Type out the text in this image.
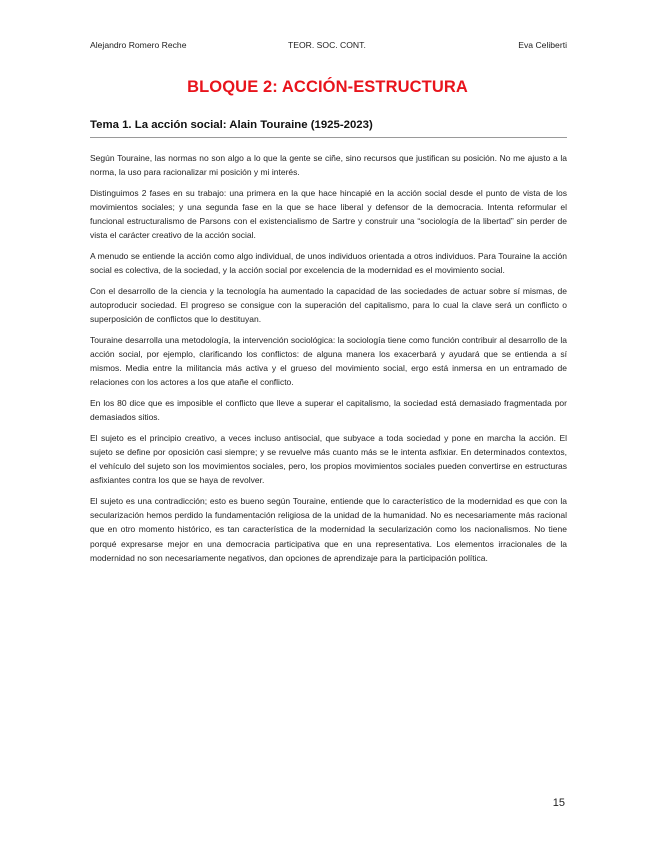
Alejandro Romero Reche	TEOR. SOC. CONT.	Eva Celiberti
BLOQUE 2: ACCIÓN-ESTRUCTURA
Tema 1. La acción social: Alain Touraine (1925-2023)

Según Touraine, las normas no son algo a lo que la gente se ciñe, sino recursos que justifican su posición. No me ajusto a la norma, la uso para racionalizar mi posición y mi interés.

Distinguimos 2 fases en su trabajo: una primera en la que hace hincapié en la acción social desde el punto de vista de los movimientos sociales; y una segunda fase en la que se hace liberal y defensor de la democracia. Intenta reformular el funcional estructuralismo de Parsons con el existencialismo de Sartre y construir una “sociología de la libertad” sin perder de vista el carácter creativo de la acción social.

A menudo se entiende la acción como algo individual, de unos individuos orientada a otros individuos. Para Touraine la acción social es colectiva, de la sociedad, y la acción social por excelencia de la modernidad es el movimiento social.

Con el desarrollo de la ciencia y la tecnología ha aumentado la capacidad de las sociedades de actuar sobre sí mismas, de autoproducir sociedad. El progreso se consigue con la superación del capitalismo, para lo cual la clave será un conflicto o superposición de conflictos que lo destituyan.

Touraine desarrolla una metodología, la intervención sociológica: la sociología tiene como función contribuir al desarrollo de la acción social, por ejemplo, clarificando los conflictos: de alguna manera los exacerbará y ayudará que se entienda a sí mismos. Media entre la militancia más activa y el grueso del movimiento social, ergo está inmersa en un entramado de relaciones con los actores a los que atañe el conflicto.

En los 80 dice que es imposible el conflicto que lleve a superar el capitalismo, la sociedad está demasiado fragmentada por demasiados sitios.

El sujeto es el principio creativo, a veces incluso antisocial, que subyace a toda sociedad y pone en marcha la acción. El sujeto se define por oposición casi siempre; y se revuelve más cuanto más se le intenta asfixiar. En determinados contextos, el vehículo del sujeto son los movimientos sociales, pero, los propios movimientos sociales pueden convertirse en estructuras asfixiantes contra los que se haya de revolver.

El sujeto es una contradicción; esto es bueno según Touraine, entiende que lo característico de la modernidad es que con la secularización hemos perdido la fundamentación religiosa de la unidad de la humanidad. No es necesariamente más racional que en otro momento histórico, es tan característica de la modernidad la secularización como los nacionalismos. No tiene porqué expresarse mejor en una democracia participativa que en una representativa. Los elementos irracionales de la modernidad no son necesariamente negativos, dan opciones de aprendizaje para la participación política.

15
